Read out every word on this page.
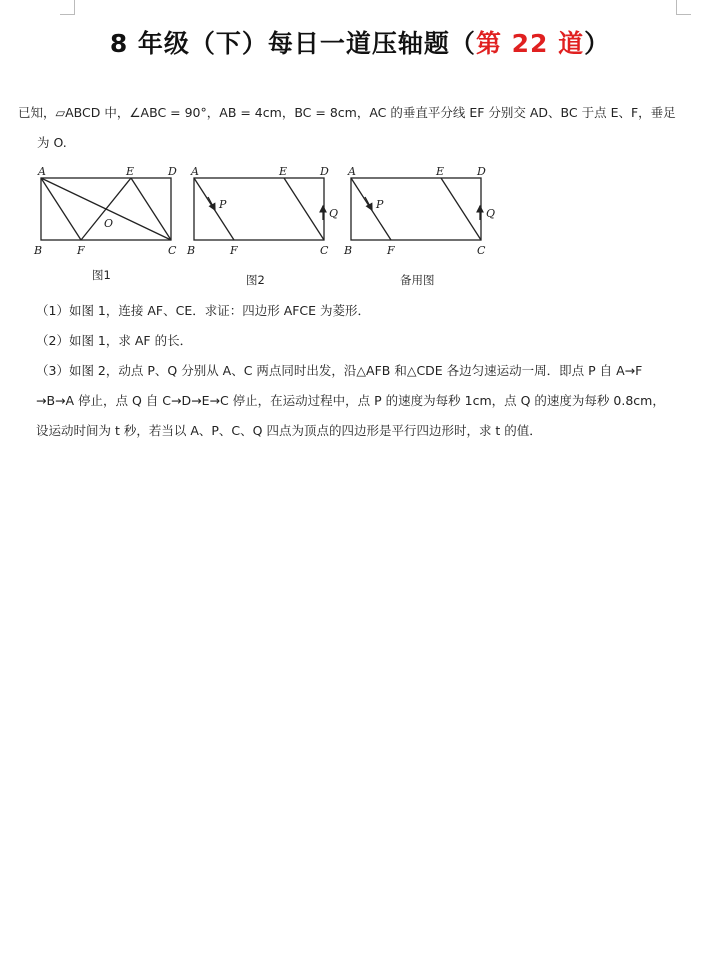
8 年级（下）每日一道压轴题（第 22 道）
已知，▱ABCD 中，∠ABC = 90°，AB = 4cm，BC = 8cm，AC 的垂直平分线 EF 分别交 AD、BC 于点 E、F，垂足
为 O.
A	E	D
B	F	C
O
图1
A	E	D
B	F	C
P
Q
图2
A	E	D
B	F	C
P
Q
备用图
（1）如图 1，连接 AF、CE．求证：四边形 AFCE 为菱形．
（2）如图 1，求 AF 的长．
（3）如图 2，动点 P、Q 分别从 A、C 两点同时出发，沿△AFB 和△CDE 各边匀速运动一周．即点 P 自 A→F
→B→A 停止，点 Q 自 C→D→E→C 停止，在运动过程中，点 P 的速度为每秒 1cm，点 Q 的速度为每秒 0.8cm，
设运动时间为 t 秒，若当以 A、P、C、Q 四点为顶点的四边形是平行四边形时，求 t 的值．
